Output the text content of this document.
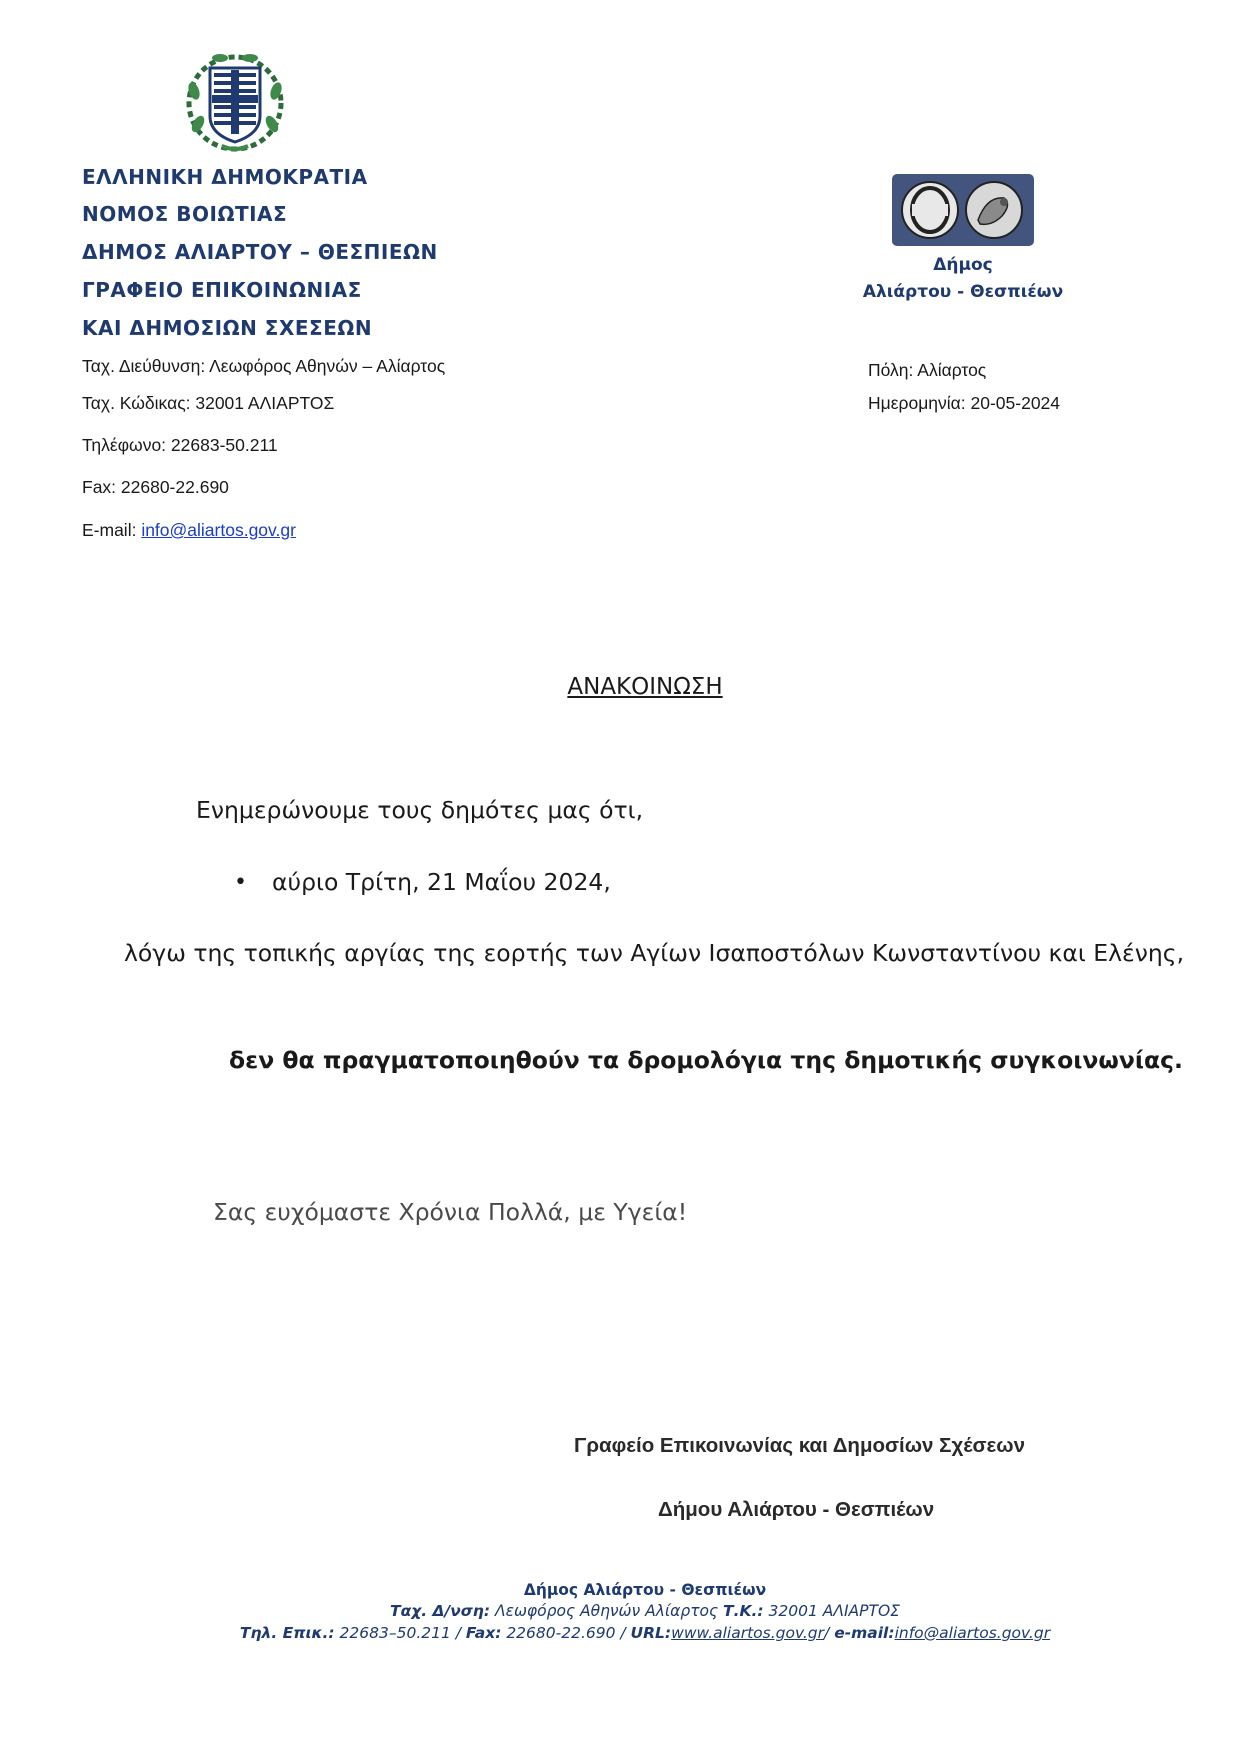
ΕΛΛΗΝΙΚΗ ΔΗΜΟΚΡΑΤΙΑ
ΝΟΜΟΣ ΒΟΙΩΤΙΑΣ
ΔΗΜΟΣ ΑΛΙΑΡΤΟΥ – ΘΕΣΠΙΕΩΝ
ΓΡΑΦΕΙΟ ΕΠΙΚΟΙΝΩΝΙΑΣ
ΚΑΙ ΔΗΜΟΣΙΩΝ ΣΧΕΣΕΩΝ
Ταχ. Διεύθυνση: Λεωφόρος Αθηνών – Αλίαρτος
Ταχ. Κώδικας: 32001 ΑΛΙΑΡΤΟΣ
Τηλέφωνο: 22683-50.211
Fax: 22680-22.690
E-mail: info@aliartos.gov.gr
Δήμος
Αλιάρτου - Θεσπιέων
Πόλη: Αλίαρτος
Ημερομηνία: 20-05-2024
ΑΝΑΚΟΙΝΩΣΗ
Ενημερώνουμε τους δημότες μας ότι,
• αύριο Τρίτη, 21 Μαΐου 2024,
λόγω της τοπικής αργίας της εορτής των Αγίων Ισαποστόλων Κωνσταντίνου και Ελένης,
δεν θα πραγματοποιηθούν τα δρομολόγια της δημοτικής συγκοινωνίας.
Σας ευχόμαστε Χρόνια Πολλά, με Υγεία!
Γραφείο Επικοινωνίας και Δημοσίων Σχέσεων
Δήμου Αλιάρτου - Θεσπιέων
Δήμος Αλιάρτου - Θεσπιέων
Ταχ. Δ/νση: Λεωφόρος Αθηνών Αλίαρτος Τ.Κ.: 32001 ΑΛΙΑΡΤΟΣ
Τηλ. Επικ.: 22683–50.211 / Fax: 22680-22.690 / URL:www.aliartos.gov.gr/ e-mail:info@aliartos.gov.gr
